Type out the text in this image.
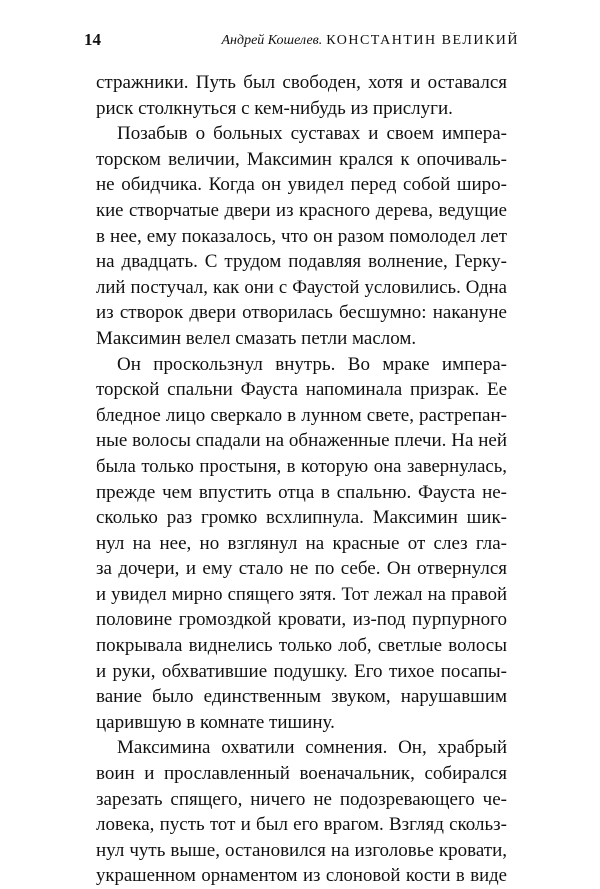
14	Андрей Кошелев. КОНСТАНТИН ВЕЛИКИЙ
стражники. Путь был свободен, хотя и оставался
риск столкнуться с кем-нибудь из прислуги.
Позабыв о больных суставах и своем импера-
торском величии, Максимин крался к опочиваль-
не обидчика. Когда он увидел перед собой широ-
кие створчатые двери из красного дерева, ведущие
в нее, ему показалось, что он разом помолодел лет
на двадцать. С трудом подавляя волнение, Герку-
лий постучал, как они с Фаустой условились. Одна
из створок двери отворилась бесшумно: накануне
Максимин велел смазать петли маслом.
Он проскользнул внутрь. Во мраке импера-
торской спальни Фауста напоминала призрак. Ее
бледное лицо сверкало в лунном свете, растрепан-
ные волосы спадали на обнаженные плечи. На ней
была только простыня, в которую она завернулась,
прежде чем впустить отца в спальню. Фауста не-
сколько раз громко всхлипнула. Максимин шик-
нул на нее, но взглянул на красные от слез гла-
за дочери, и ему стало не по себе. Он отвернулся
и увидел мирно спящего зятя. Тот лежал на правой
половине громоздкой кровати, из-под пурпурного
покрывала виднелись только лоб, светлые волосы
и руки, обхватившие подушку. Его тихое посапы-
вание было единственным звуком, нарушавшим
царившую в комнате тишину.
Максимина охватили сомнения. Он, храбрый
воин и прославленный военачальник, собирался
зарезать спящего, ничего не подозревающего че-
ловека, пусть тот и был его врагом. Взгляд скольз-
нул чуть выше, остановился на изголовье кровати,
украшенном орнаментом из слоновой кости в виде
